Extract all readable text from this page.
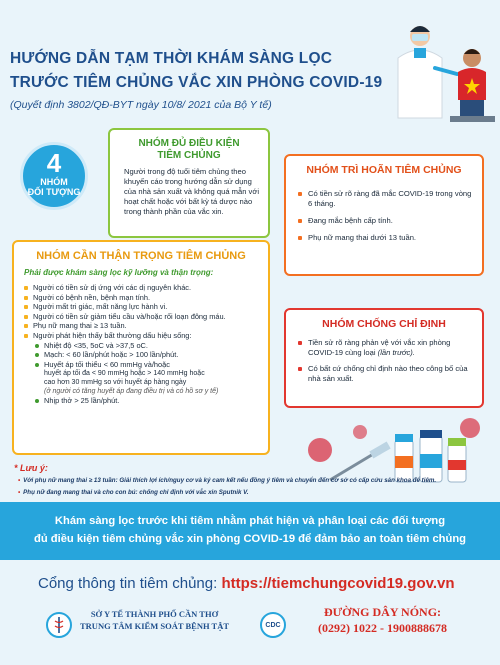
HƯỚNG DẪN TẠM THỜI KHÁM SÀNG LỌC
TRƯỚC TIÊM CHỦNG VẮC XIN PHÒNG COVID-19
(Quyết định 3802/QĐ-BYT ngày 10/8/ 2021 của Bộ Y tế)
4
NHÓM
ĐỐI TƯỢNG
NHÓM ĐỦ ĐIỀU KIỆN
TIÊM CHỦNG
Người trong độ tuổi tiêm chủng theo khuyến cáo trong hướng dẫn sử dụng của nhà sản xuất và không quá mẫn với hoạt chất hoặc với bất kỳ tá dược nào trong thành phần của vắc xin.
NHÓM TRÌ HOÃN TIÊM CHỦNG
Có tiền sử rõ ràng đã mắc COVID-19 trong vòng 6 tháng.
Đang mắc bệnh cấp tính.
Phụ nữ mang thai dưới 13 tuần.
NHÓM CẦN THẬN TRỌNG TIÊM CHỦNG
Phải được khám sàng lọc kỹ lưỡng và thận trọng:
Người có tiền sử dị ứng với các dị nguyên khác.
Người có bệnh nền, bệnh mạn tính.
Người mất tri giác, mất năng lực hành vi.
Người có tiền sử giảm tiểu cầu và/hoặc rối loạn đông máu.
Phụ nữ mang thai ≥ 13 tuần.
Người phát hiện thấy bất thường dấu hiệu sống:
Nhiệt độ <35, 5oC và >37,5 oC.
Mạch: < 60 lần/phút hoặc > 100 lần/phút.
Huyết áp tối thiểu < 60 mmHg và/hoặc
huyết áp tối đa < 90 mmHg hoặc > 140 mmHg hoặc
cao hơn 30 mmHg so với huyết áp hàng ngày
(ở người có tăng huyết áp đang điều trị và có hồ sơ y tế)
Nhịp thở > 25 lần/phút.
NHÓM CHỐNG CHỈ ĐỊNH
Tiền sử rõ ràng phản vệ với vắc xin phòng COVID-19 cùng loại (lần trước).
Có bất cứ chống chỉ định nào theo công bố của nhà sản xuất.
* Lưu ý:
• Với phụ nữ mang thai ≥ 13 tuần: Giải thích lợi ích/nguy cơ và ký cam kết nếu đồng ý tiêm và chuyển đến cơ sở có cấp cứu sản khoa để tiêm.
• Phụ nữ đang mang thai và cho con bú: chống chỉ định với vắc xin Sputnik V.
Khám sàng lọc trước khi tiêm nhằm phát hiện và phân loại các đối tượng
đủ điều kiện tiêm chủng vắc xin phòng COVID-19 để đảm bảo an toàn tiêm chủng
Cổng thông tin tiêm chủng: https://tiemchungcovid19.gov.vn
SỞ Y TẾ THÀNH PHỐ CẦN THƠ
TRUNG TÂM KIỂM SOÁT BỆNH TẬT	CDC
ĐƯỜNG DÂY NÓNG:
(0292) 1022 - 1900888678
